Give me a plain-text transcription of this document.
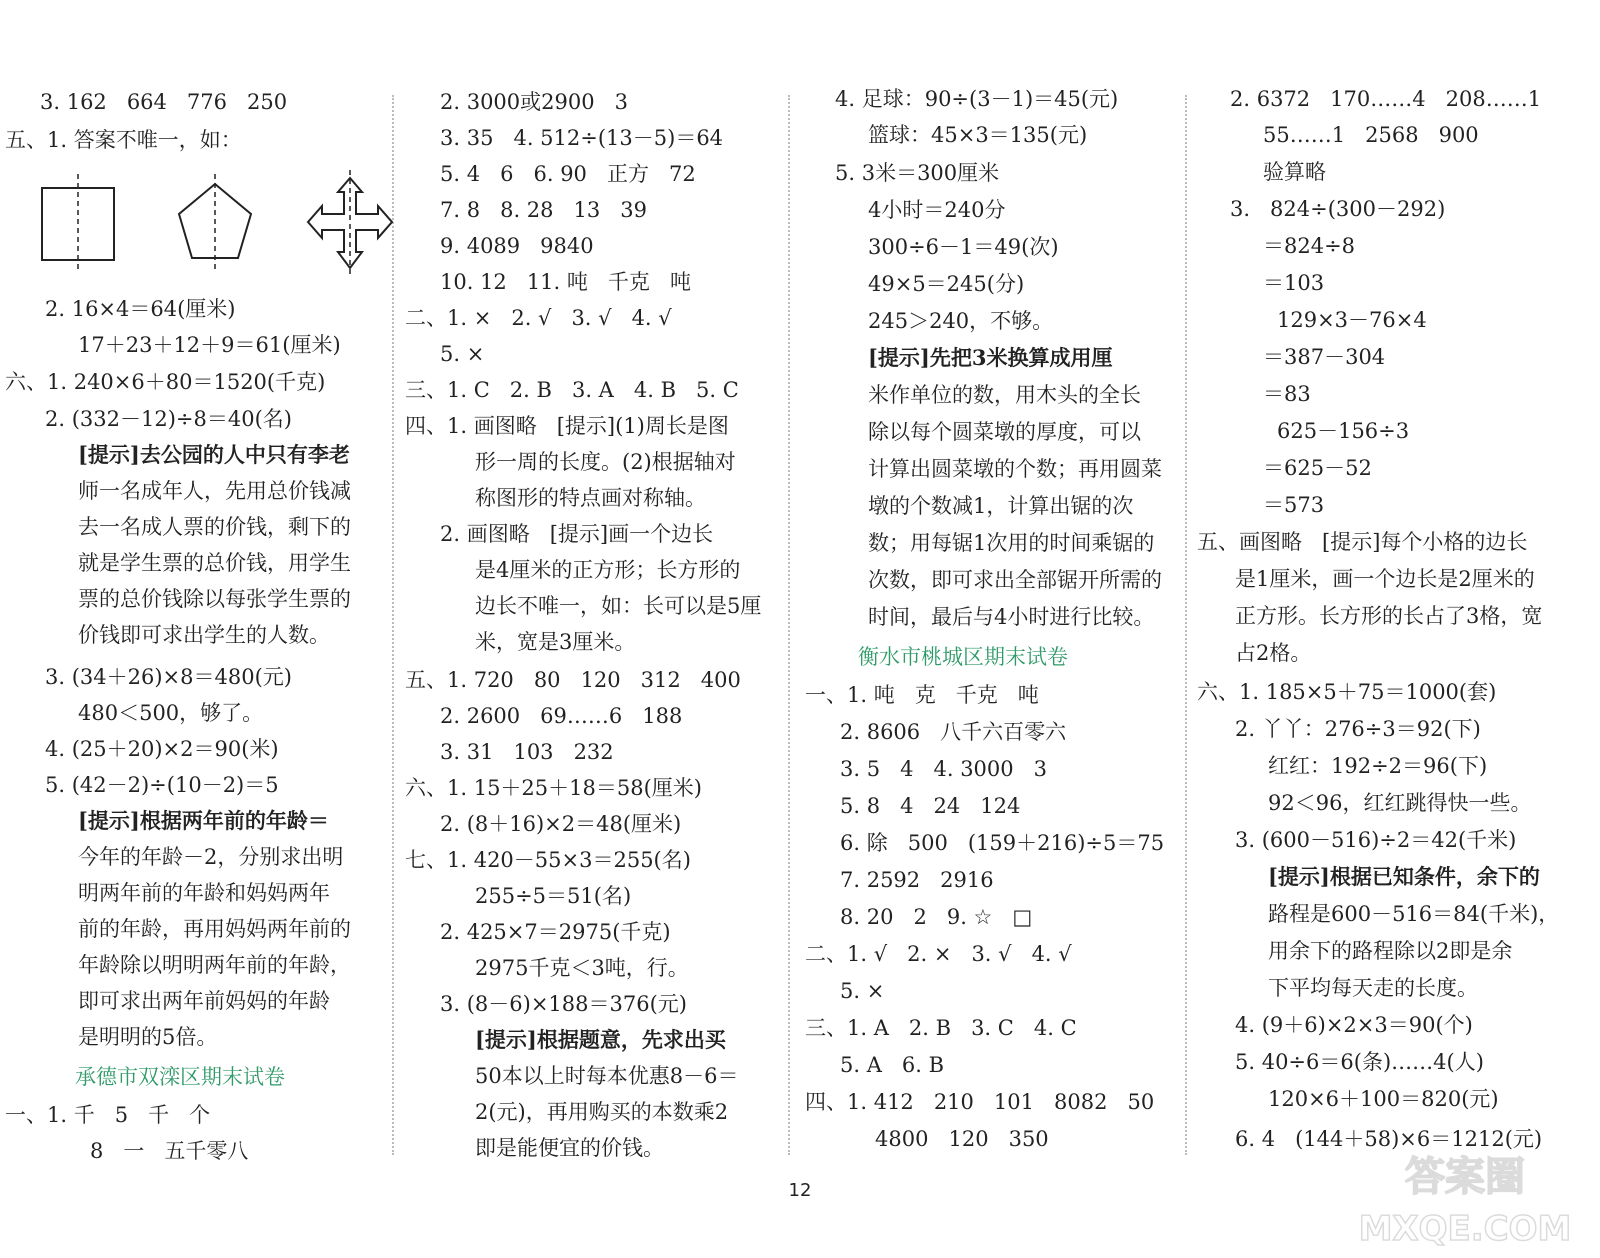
3. 162   664   776   250
五、1. 答案不唯一，如：
2. 16×4＝64(厘米)
17＋23＋12＋9＝61(厘米)
六、1. 240×6＋80＝1520(千克)
2. (332－12)÷8＝40(名)
[提示]去公园的人中只有李老
师一名成年人，先用总价钱减
去一名成人票的价钱，剩下的
就是学生票的总价钱，用学生
票的总价钱除以每张学生票的
价钱即可求出学生的人数。
3. (34＋26)×8＝480(元)
480＜500，够了。
4. (25＋20)×2＝90(米)
5. (42－2)÷(10－2)＝5
[提示]根据两年前的年龄＝
今年的年龄－2，分别求出明
明两年前的年龄和妈妈两年
前的年龄，再用妈妈两年前的
年龄除以明明两年前的年龄，
即可求出两年前妈妈的年龄
是明明的5倍。
承德市双滦区期末试卷
一、1. 千   5   千   个
8   一   五千零八
2. 3000或2900   3
3. 35   4. 512÷(13－5)＝64
5. 4   6   6. 90   正方   72
7. 8   8. 28   13   39
9. 4089   9840
10. 12   11. 吨   千克   吨
二、1. ×   2. √   3. √   4. √
5. ×
三、1. C   2. B   3. A   4. B   5. C
四、1. 画图略   [提示](1)周长是图
形一周的长度。(2)根据轴对
称图形的特点画对称轴。
2. 画图略   [提示]画一个边长
是4厘米的正方形；长方形的
边长不唯一，如：长可以是5厘
米，宽是3厘米。
五、1. 720   80   120   312   400
2. 2600   69……6   188
3. 31   103   232
六、1. 15＋25＋18＝58(厘米)
2. (8＋16)×2＝48(厘米)
七、1. 420－55×3＝255(名)
255÷5＝51(名)
2. 425×7＝2975(千克)
2975千克＜3吨，行。
3. (8－6)×188＝376(元)
[提示]根据题意，先求出买
50本以上时每本优惠8－6＝
2(元)，再用购买的本数乘2
即是能便宜的价钱。
4. 足球：90÷(3－1)＝45(元)
篮球：45×3＝135(元)
5. 3米＝300厘米
4小时＝240分
300÷6－1＝49(次)
49×5＝245(分)
245＞240，不够。
[提示]先把3米换算成用厘
米作单位的数，用木头的全长
除以每个圆菜墩的厚度，可以
计算出圆菜墩的个数；再用圆菜
墩的个数减1，计算出锯的次
数；用每锯1次用的时间乘锯的
次数，即可求出全部锯开所需的
时间，最后与4小时进行比较。
衡水市桃城区期末试卷
一、1. 吨   克   千克   吨
2. 8606   八千六百零六
3. 5   4   4. 3000   3
5. 8   4   24   124
6. 除   500   (159＋216)÷5＝75
7. 2592   2916
8. 20   2   9. ☆   □
二、1. √   2. ×   3. √   4. √
5. ×
三、1. A   2. B   3. C   4. C
5. A   6. B
四、1. 412   210   101   8082   50
4800   120   350
2. 6372   170……4   208……1
55……1   2568   900
验算略
3.   824÷(300－292)
＝824÷8
＝103
129×3－76×4
＝387－304
＝83
625－156÷3
＝625－52
＝573
五、画图略   [提示]每个小格的边长
是1厘米，画一个边长是2厘米的
正方形。长方形的长占了3格，宽
占2格。
六、1. 185×5＋75＝1000(套)
2. 丫丫：276÷3＝92(下)
红红：192÷2＝96(下)
92＜96，红红跳得快一些。
3. (600－516)÷2＝42(千米)
[提示]根据已知条件，余下的
路程是600－516＝84(千米)，
用余下的路程除以2即是余
下平均每天走的长度。
4. (9＋6)×2×3＝90(个)
5. 40÷6＝6(条)……4(人)
120×6＋100＝820(元)
6. 4   (144＋58)×6＝1212(元)
12	答案圈
MXQE.COM
